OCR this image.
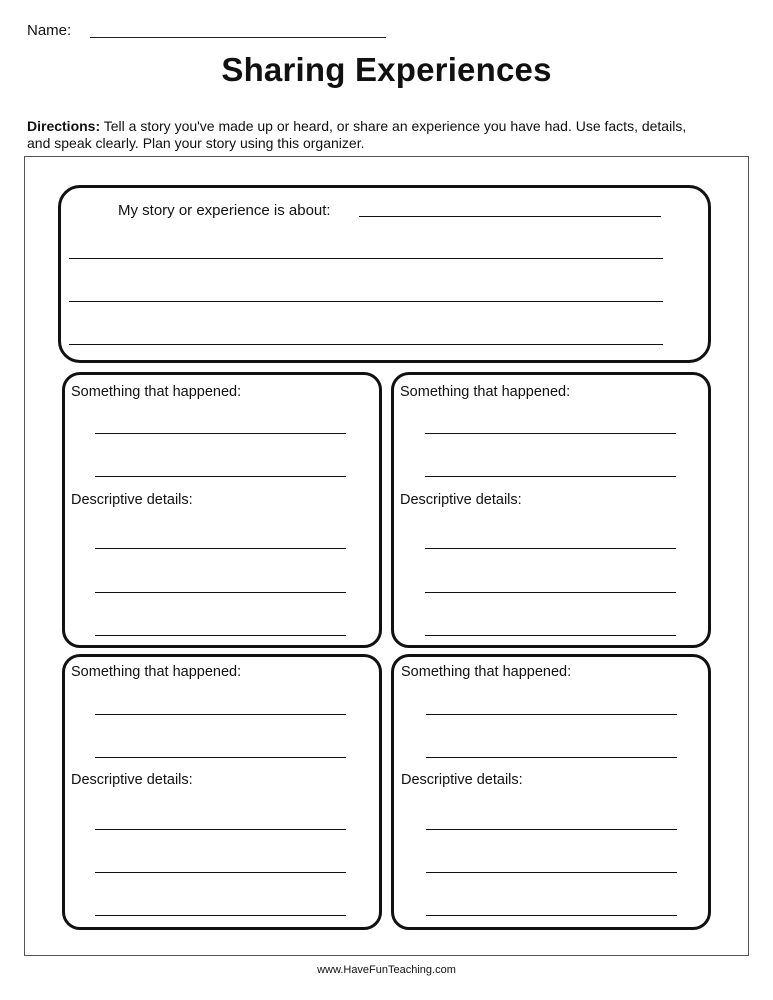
Name:
Sharing Experiences
Directions: Tell a story you've made up or heard, or share an experience you have had. Use facts, details,
and speak clearly. Plan your story using this organizer.
My story or experience is about:
Something that happened:
Descriptive details:
Something that happened:
Descriptive details:
Something that happened:
Descriptive details:
Something that happened:
Descriptive details:
www.HaveFunTeaching.com
